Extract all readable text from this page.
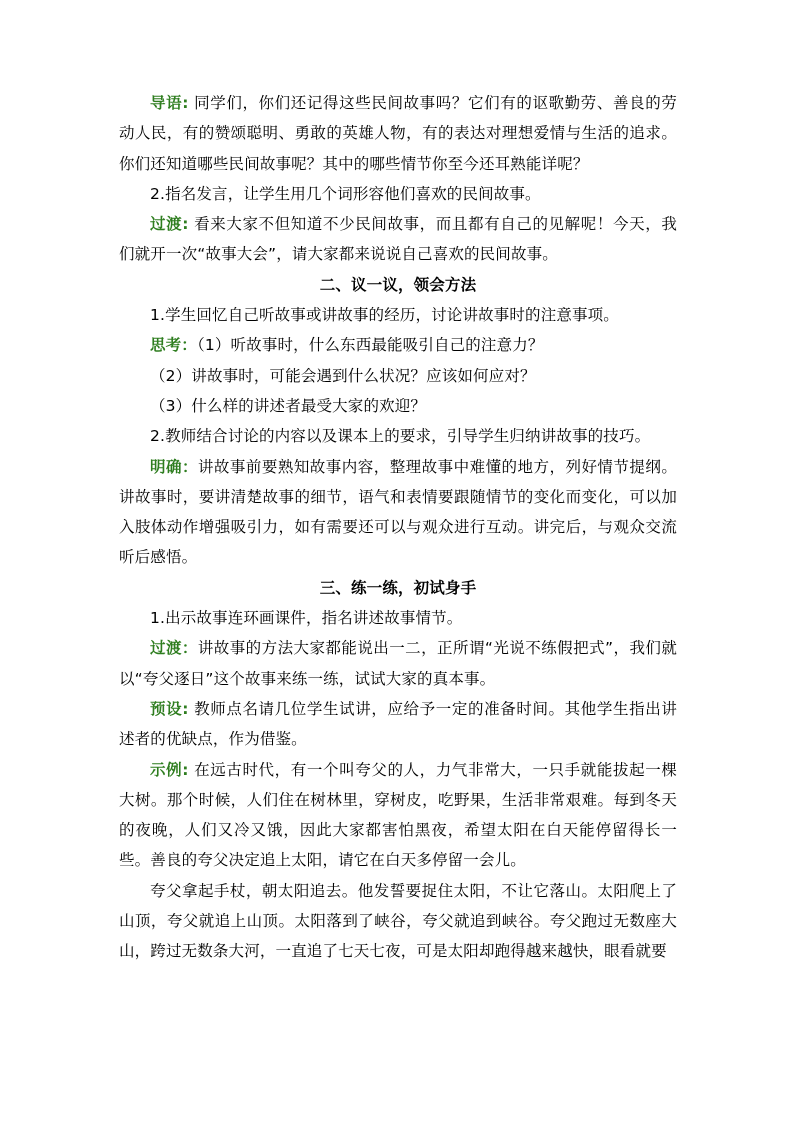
导语: 同学们，你们还记得这些民间故事吗？它们有的讴歌勤劳、善良的劳动人民，有的赞颂聪明、勇敢的英雄人物，有的表达对理想爱情与生活的追求。你们还知道哪些民间故事呢？其中的哪些情节你至今还耳熟能详呢？

2.指名发言，让学生用几个词形容他们喜欢的民间故事。

过渡: 看来大家不但知道不少民间故事，而且都有自己的见解呢！今天，我们就开一次“故事大会”，请大家都来说说自己喜欢的民间故事。

二、议一议，领会方法

1.学生回忆自己听故事或讲故事的经历，讨论讲故事时的注意事项。

思考：（1）听故事时，什么东西最能吸引自己的注意力？

（2）讲故事时，可能会遇到什么状况？应该如何应对？

（3）什么样的讲述者最受大家的欢迎？

2.教师结合讨论的内容以及课本上的要求，引导学生归纳讲故事的技巧。

明确：讲故事前要熟知故事内容，整理故事中难懂的地方，列好情节提纲。讲故事时，要讲清楚故事的细节，语气和表情要跟随情节的变化而变化，可以加入肢体动作增强吸引力，如有需要还可以与观众进行互动。讲完后，与观众交流听后感悟。

三、练一练，初试身手

1.出示故事连环画课件，指名讲述故事情节。

过渡：讲故事的方法大家都能说出一二，正所谓“光说不练假把式”，我们就以“夸父逐日”这个故事来练一练，试试大家的真本事。

预设: 教师点名请几位学生试讲，应给予一定的准备时间。其他学生指出讲述者的优缺点，作为借鉴。

示例: 在远古时代，有一个叫夸父的人，力气非常大，一只手就能拔起一棵大树。那个时候，人们住在树林里，穿树皮，吃野果，生活非常艰难。每到冬天的夜晚，人们又冷又饿，因此大家都害怕黑夜，希望太阳在白天能停留得长一些。善良的夸父决定追上太阳，请它在白天多停留一会儿。

夸父拿起手杖，朝太阳追去。他发誓要捉住太阳，不让它落山。太阳爬上了山顶，夸父就追上山顶。太阳落到了峡谷，夸父就追到峡谷。夸父跑过无数座大山，跨过无数条大河，一直追了七天七夜，可是太阳却跑得越来越快，眼看就要
